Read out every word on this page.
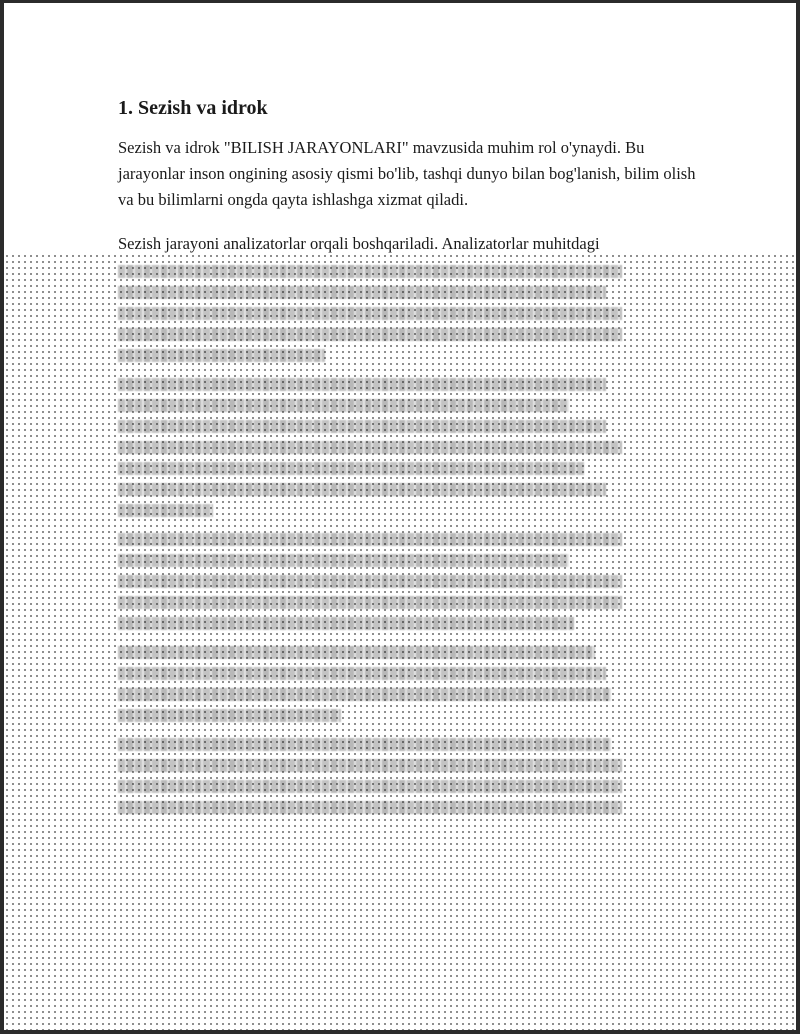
1. Sezish va idrok

Sezish va idrok "BILISH JARAYONLARI" mavzusida muhim rol o'ynaydi. Bu jarayonlar inson ongining asosiy qismi bo'lib, tashqi dunyo bilan bog'lanish, bilim olish va bu bilimlarni ongda qayta ishlashga xizmat qiladi.

Sezish jarayoni analizatorlar orqali boshqariladi. Analizatorlar muhitdagi
